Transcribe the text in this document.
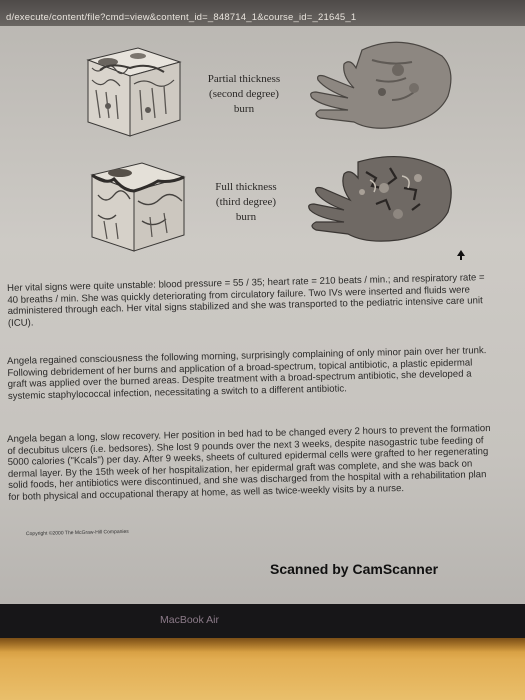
d/execute/content/file?cmd=view&content_id=_848714_1&course_id=_21645_1
Partial thickness
(second degree)
burn
Full thickness
(third degree)
burn
Her vital signs were quite unstable: blood pressure = 55 / 35; heart rate = 210 beats / min.; and respiratory rate = 40 breaths / min. She was quickly deteriorating from circulatory failure. Two IVs were inserted and fluids were administered through each. Her vital signs stabilized and she was transported to the pediatric intensive care unit (ICU).
Angela regained consciousness the following morning, surprisingly complaining of only minor pain over her trunk. Following debridement of her burns and application of a broad-spectrum, topical antibiotic, a plastic epidermal graft was applied over the burned areas. Despite treatment with a broad-spectrum antibiotic, she developed a systemic staphylococcal infection, necessitating a switch to a different antibiotic.
Angela began a long, slow recovery. Her position in bed had to be changed every 2 hours to prevent the formation of decubitus ulcers (i.e. bedsores). She lost 9 pounds over the next 3 weeks, despite nasogastric tube feeding of 5000 calories ("Kcals") per day. After 9 weeks, sheets of cultured epidermal cells were grafted to her regenerating dermal layer. By the 15th week of her hospitalization, her epidermal graft was complete, and she was back on solid foods, her antibiotics were discontinued, and she was discharged from the hospital with a rehabilitation plan for both physical and occupational therapy at home, as well as twice-weekly visits by a nurse.
Copyright ©2000 The McGraw-Hill Companies
Scanned by CamScanner
MacBook Air
